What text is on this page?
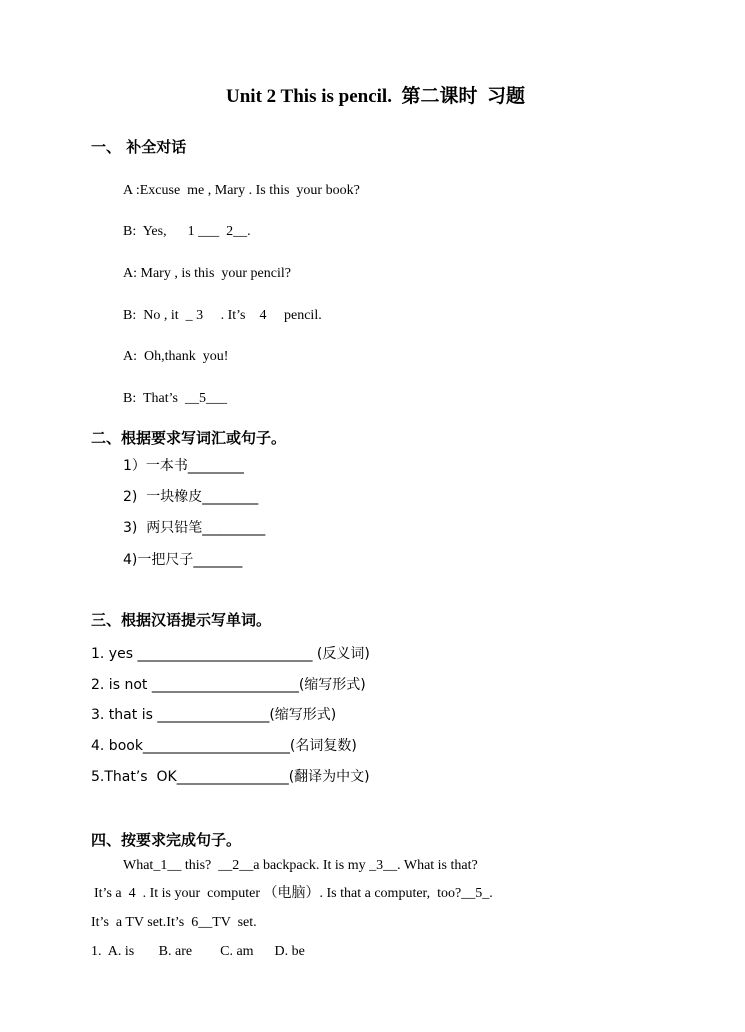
Unit 2 This is pencil.  第二课时  习题
一、 补全对话
A :Excuse  me , Mary . Is this  your book?
B:  Yes,      1 ___  2__.
A: Mary , is this  your pencil?
B:  No , it  _ 3     . It’s    4     pencil.
A:  Oh,thank  you!
B:  That’s  __5___
二、根据要求写词汇或句子。
1）一本书________
2)  一块橡皮________
3)  两只铅笔_________
4)一把尺子_______
三、根据汉语提示写单词。
1. yes _________________________ (反义词)
2. is not _____________________(缩写形式)
3. that is ________________(缩写形式)
4. book_____________________(名词复数)
5.That’s  OK________________(翻译为中文)
四、按要求完成句子。
What_1__ this?  __2__a backpack. It is my _3__. What is that?
It’s a  4  . It is your  computer （电脑）. Is that a computer,  too?__5_.
It’s  a TV set.It’s  6__TV  set.
1.  A. is       B. are        C. am      D. be
